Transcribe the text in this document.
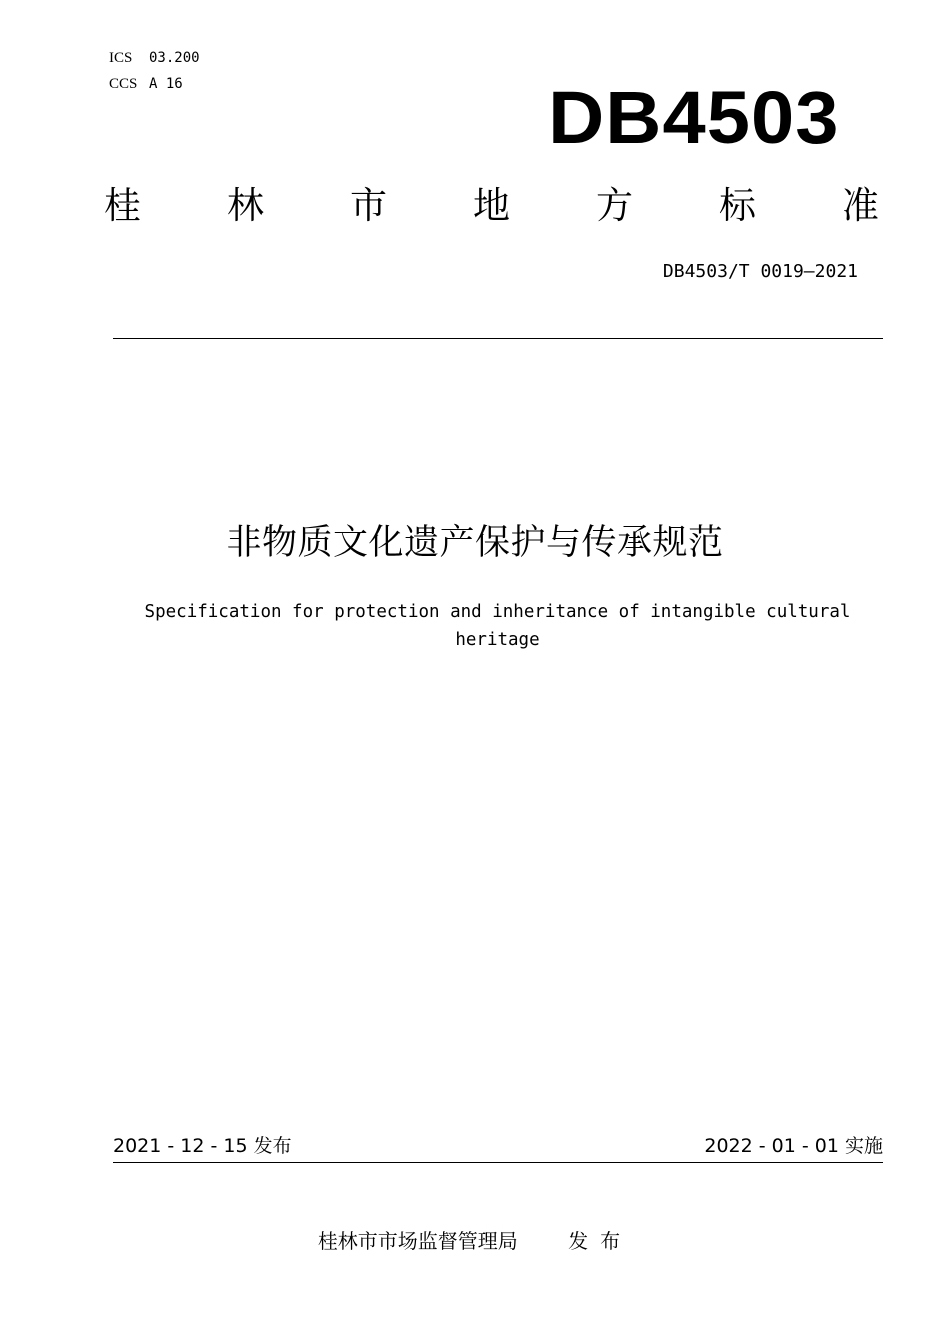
ICS	03.200
CCS A 16	DB4503
桂 林 市 地 方 标 准
DB4503/T 0019—2021
非物质文化遗产保护与传承规范
Specification for protection and inheritance of intangible cultural
heritage
2021 - 12 - 15 发布	2022 - 01 - 01 实施
桂林市市场监督管理局	发布
